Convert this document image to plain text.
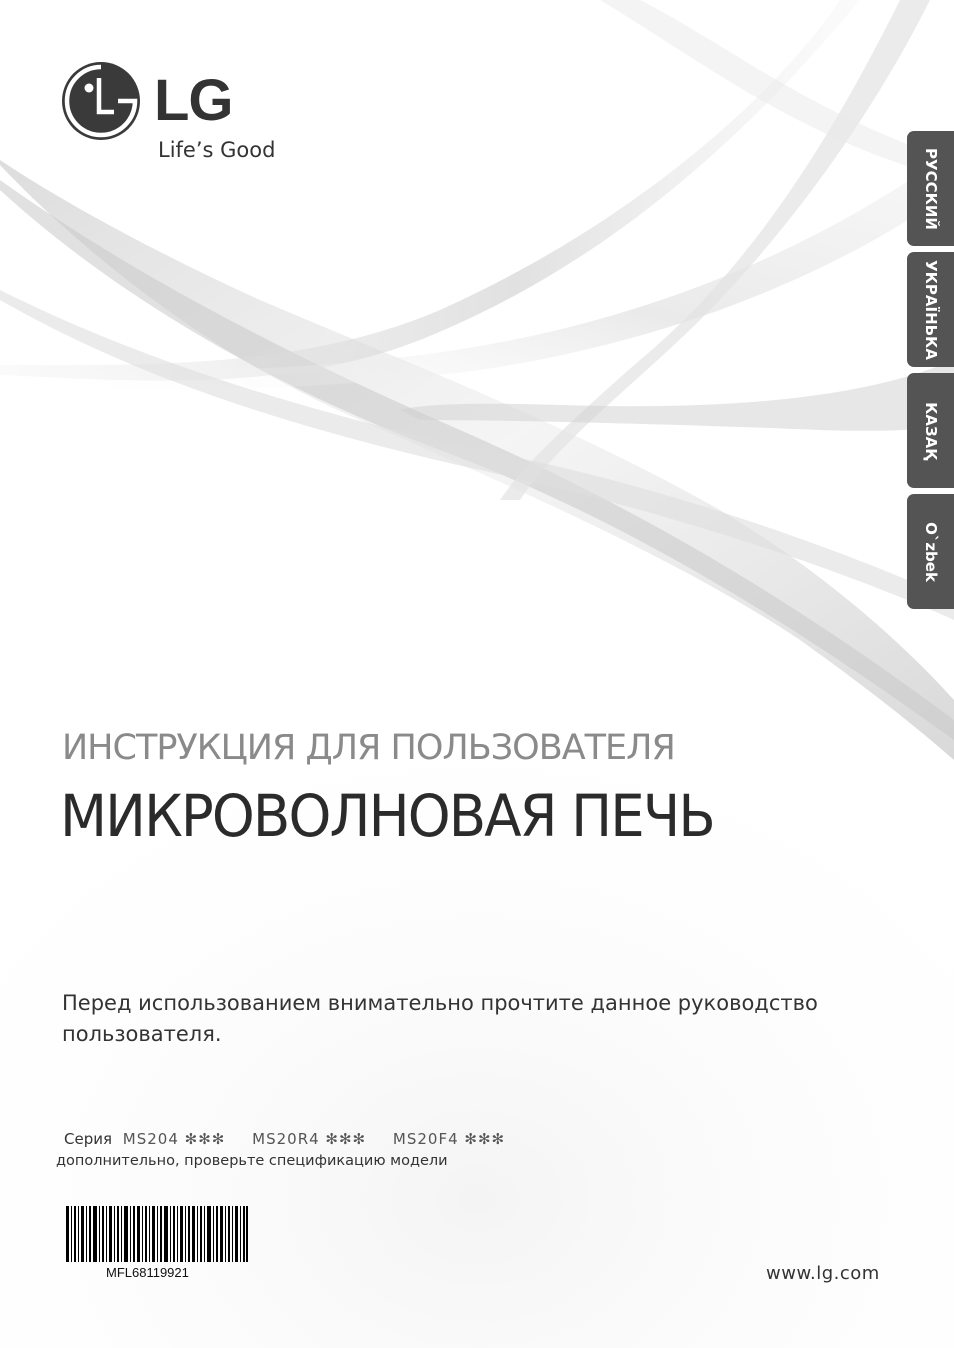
LG
Life’s Good	РУССКИЙ
УКРАЇНЬКА
КАЗАҚ
O`zbek
ИНСТРУКЦИЯ ДЛЯ ПОЛЬЗОВАТЕЛЯ
МИКРОВОЛНОВАЯ ПЕЧЬ
Перед использованием внимательно прочтите данное руководство пользователя.
Серия MS204 ✻✻✻ MS20R4 ✻✻✻ MS20F4 ✻✻✻
дополнительно, проверьте спецификацию модели
MFL68119921	www.lg.com
